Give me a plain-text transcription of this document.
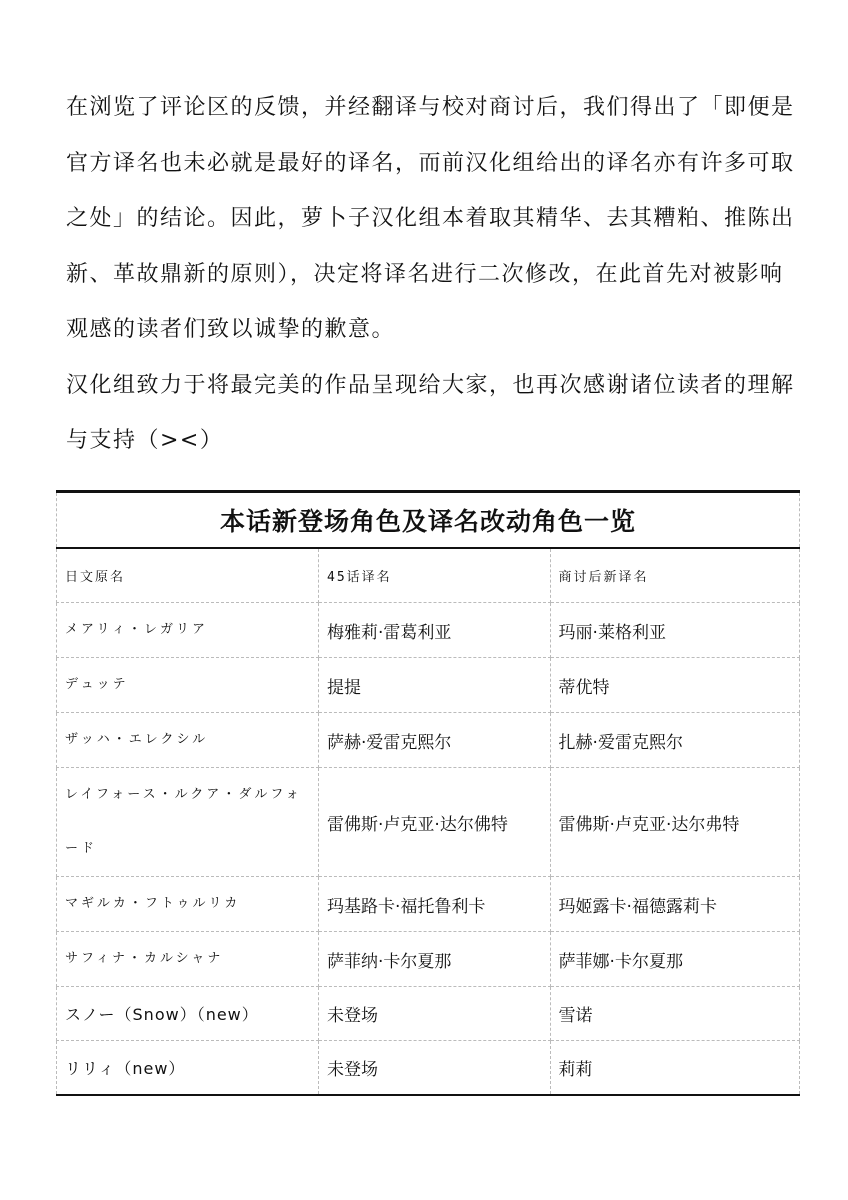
在浏览了评论区的反馈，并经翻译与校对商讨后，我们得出了「即便是官方译名也未必就是最好的译名，而前汉化组给出的译名亦有许多可取之处」的结论。因此，萝卜子汉化组本着取其精华、去其糟粕、推陈出新、革故鼎新的原则），决定将译名进行二次修改，在此首先对被影响观感的读者们致以诚挚的歉意。

汉化组致力于将最完美的作品呈现给大家，也再次感谢诸位读者的理解与支持（><）

本话新登场角色及译名改动角色一览		
日文原名	45话译名	商讨后新译名
メアリィ・レガリア	梅雅莉·雷葛利亚	玛丽·莱格利亚
デュッテ	提提	蒂优特
ザッハ・エレクシル	萨赫·爱雷克熙尔	扎赫·爱雷克熙尔
レイフォース・ルクア・ダルフォード	雷佛斯·卢克亚·达尔佛特	雷佛斯·卢克亚·达尔弗特
マギルカ・フトゥルリカ	玛基路卡·福托鲁利卡	玛姬露卡·福德露莉卡
サフィナ・カルシャナ	萨菲纳·卡尔夏那	萨菲娜·卡尔夏那
スノー（Snow）（new）	未登场	雪诺
リリィ（new）	未登场	莉莉
